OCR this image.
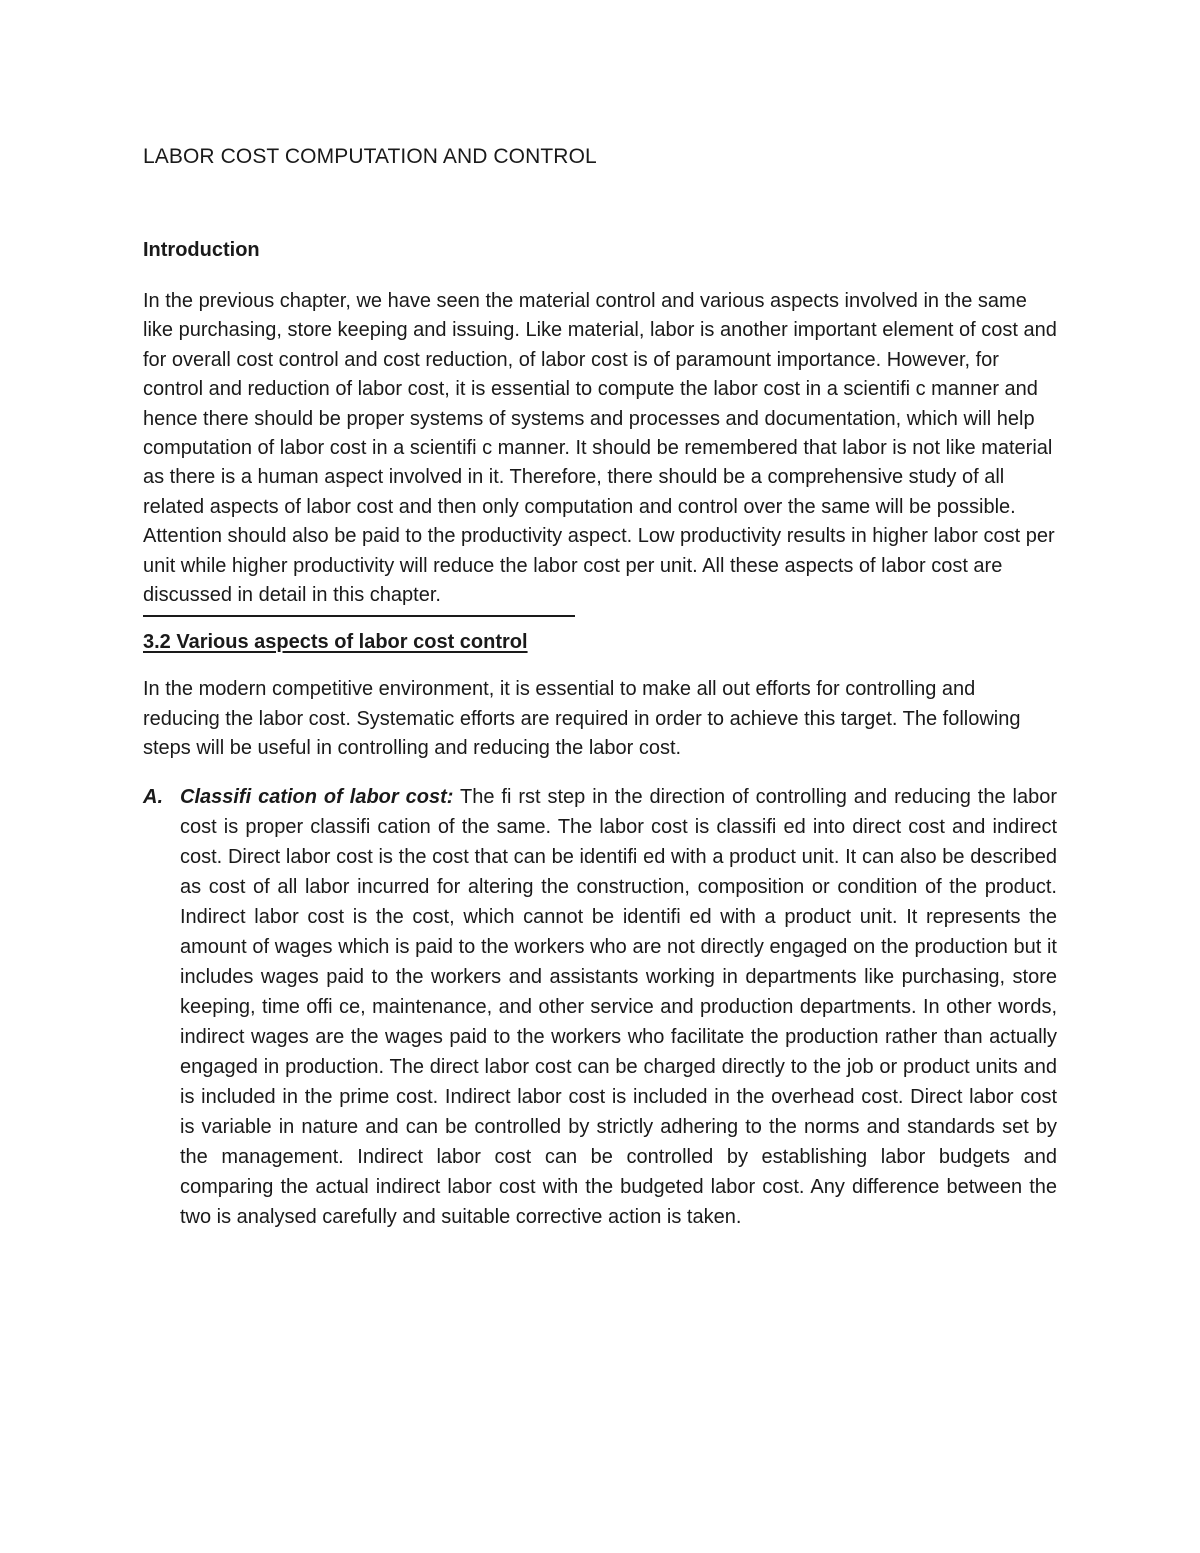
LABOR COST COMPUTATION AND CONTROL
Introduction

In the previous chapter, we have seen the material control and various aspects involved in the same like purchasing, store keeping and issuing. Like material, labor is another important element of cost and for overall cost control and cost reduction, of labor cost is of paramount importance. However, for control and reduction of labor cost, it is essential to compute the labor cost in a scientifi c manner and hence there should be proper systems of systems and processes and documentation, which will help computation of labor cost in a scientifi c manner. It should be remembered that labor is not like material as there is a human aspect involved in it. Therefore, there should be a comprehensive study of all related aspects of labor cost and then only computation and control over the same will be possible. Attention should also be paid to the productivity aspect. Low productivity results in higher labor cost per unit while higher productivity will reduce the labor cost per unit. All these aspects of labor cost are discussed in detail in this chapter.

3.2 Various aspects of labor cost control

In the modern competitive environment, it is essential to make all out efforts for controlling and reducing the labor cost. Systematic efforts are required in order to achieve this target. The following steps will be useful in controlling and reducing the labor cost.

A. Classifi cation of labor cost: The fi rst step in the direction of controlling and reducing the labor cost is proper classifi cation of the same. The labor cost is classifi ed into direct cost and indirect cost. Direct labor cost is the cost that can be identifi ed with a product unit. It can also be described as cost of all labor incurred for altering the construction, composition or condition of the product. Indirect labor cost is the cost, which cannot be identifi ed with a product unit. It represents the amount of wages which is paid to the workers who are not directly engaged on the production but it includes wages paid to the workers and assistants working in departments like purchasing, store keeping, time offi ce, maintenance, and other service and production departments. In other words, indirect wages are the wages paid to the workers who facilitate the production rather than actually engaged in production. The direct labor cost can be charged directly to the job or product units and is included in the prime cost. Indirect labor cost is included in the overhead cost. Direct labor cost is variable in nature and can be controlled by strictly adhering to the norms and standards set by the management. Indirect labor cost can be controlled by establishing labor budgets and comparing the actual indirect labor cost with the budgeted labor cost. Any difference between the two is analysed carefully and suitable corrective action is taken.
